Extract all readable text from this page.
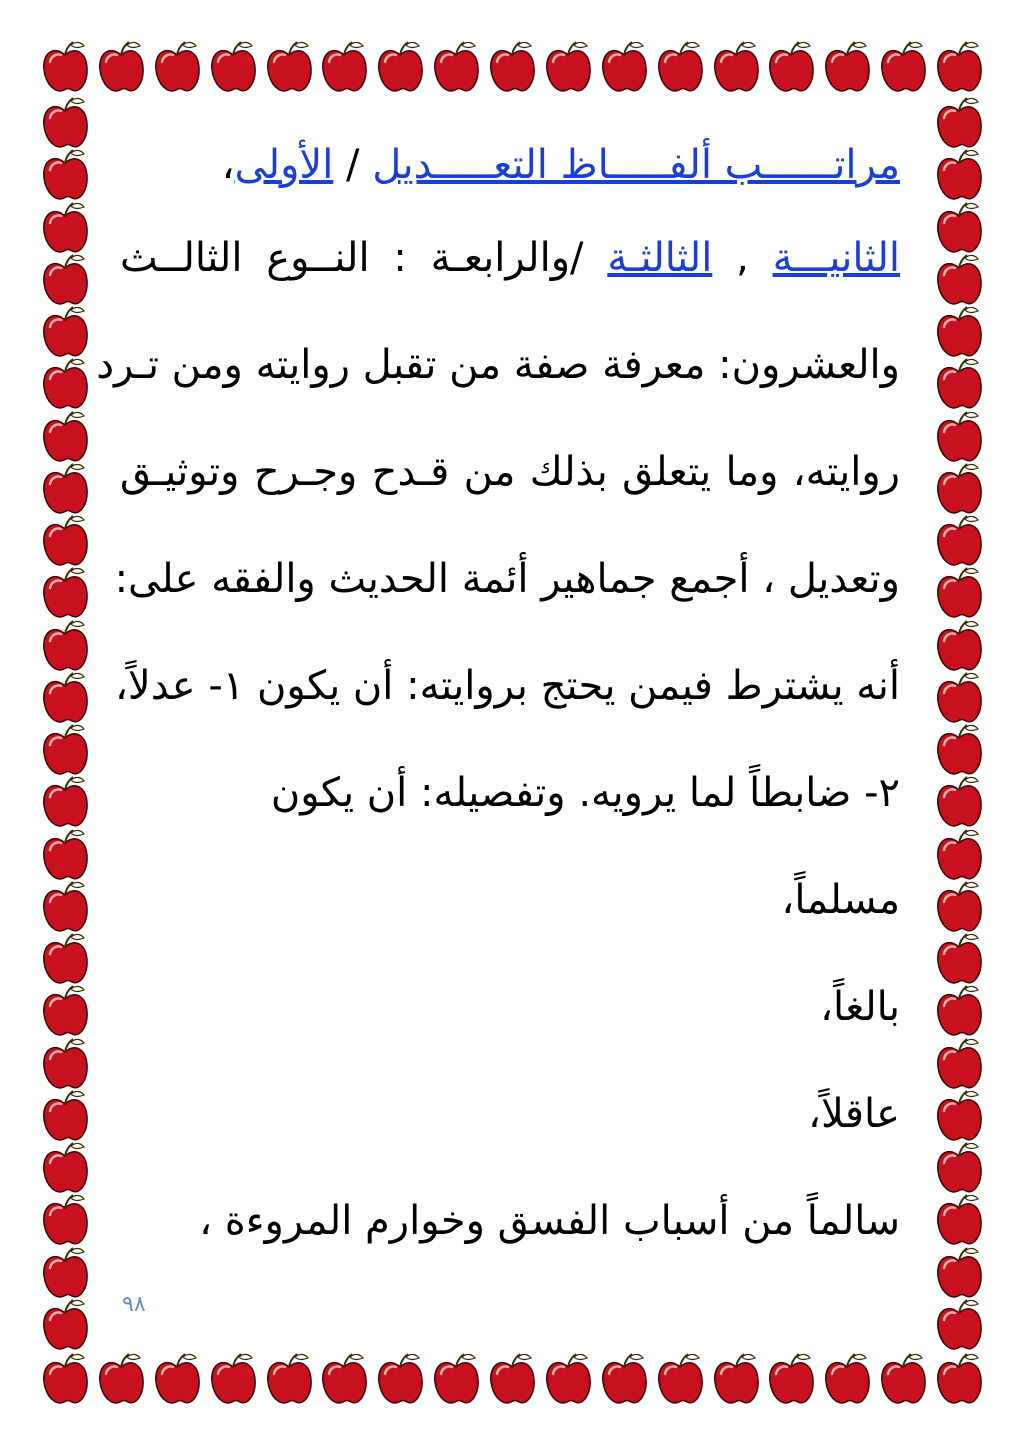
مراتــــــب ألفـــــاظ التعـــــديل / الأولى،
الثانيـــة , الثالثـة /والرابعـة : النــوع الثالــث
والعشرون: معرفة صفة من تقبل روايته ومن تـرد
روايته، وما يتعلق بذلك من قـدح وجـرح وتوثيـق
وتعديل ، أجمع جماهير أئمة الحديث والفقه على:
أنه يشترط فيمن يحتج بروايته: أن يكون ١- عدلاً،
٢- ضابطاً لما يرويه. وتفصيله: أن يكون
مسلماً،
بالغاً،
عاقلاً،
سالماً من أسباب الفسق وخوارم المروءة ،
٩٨
